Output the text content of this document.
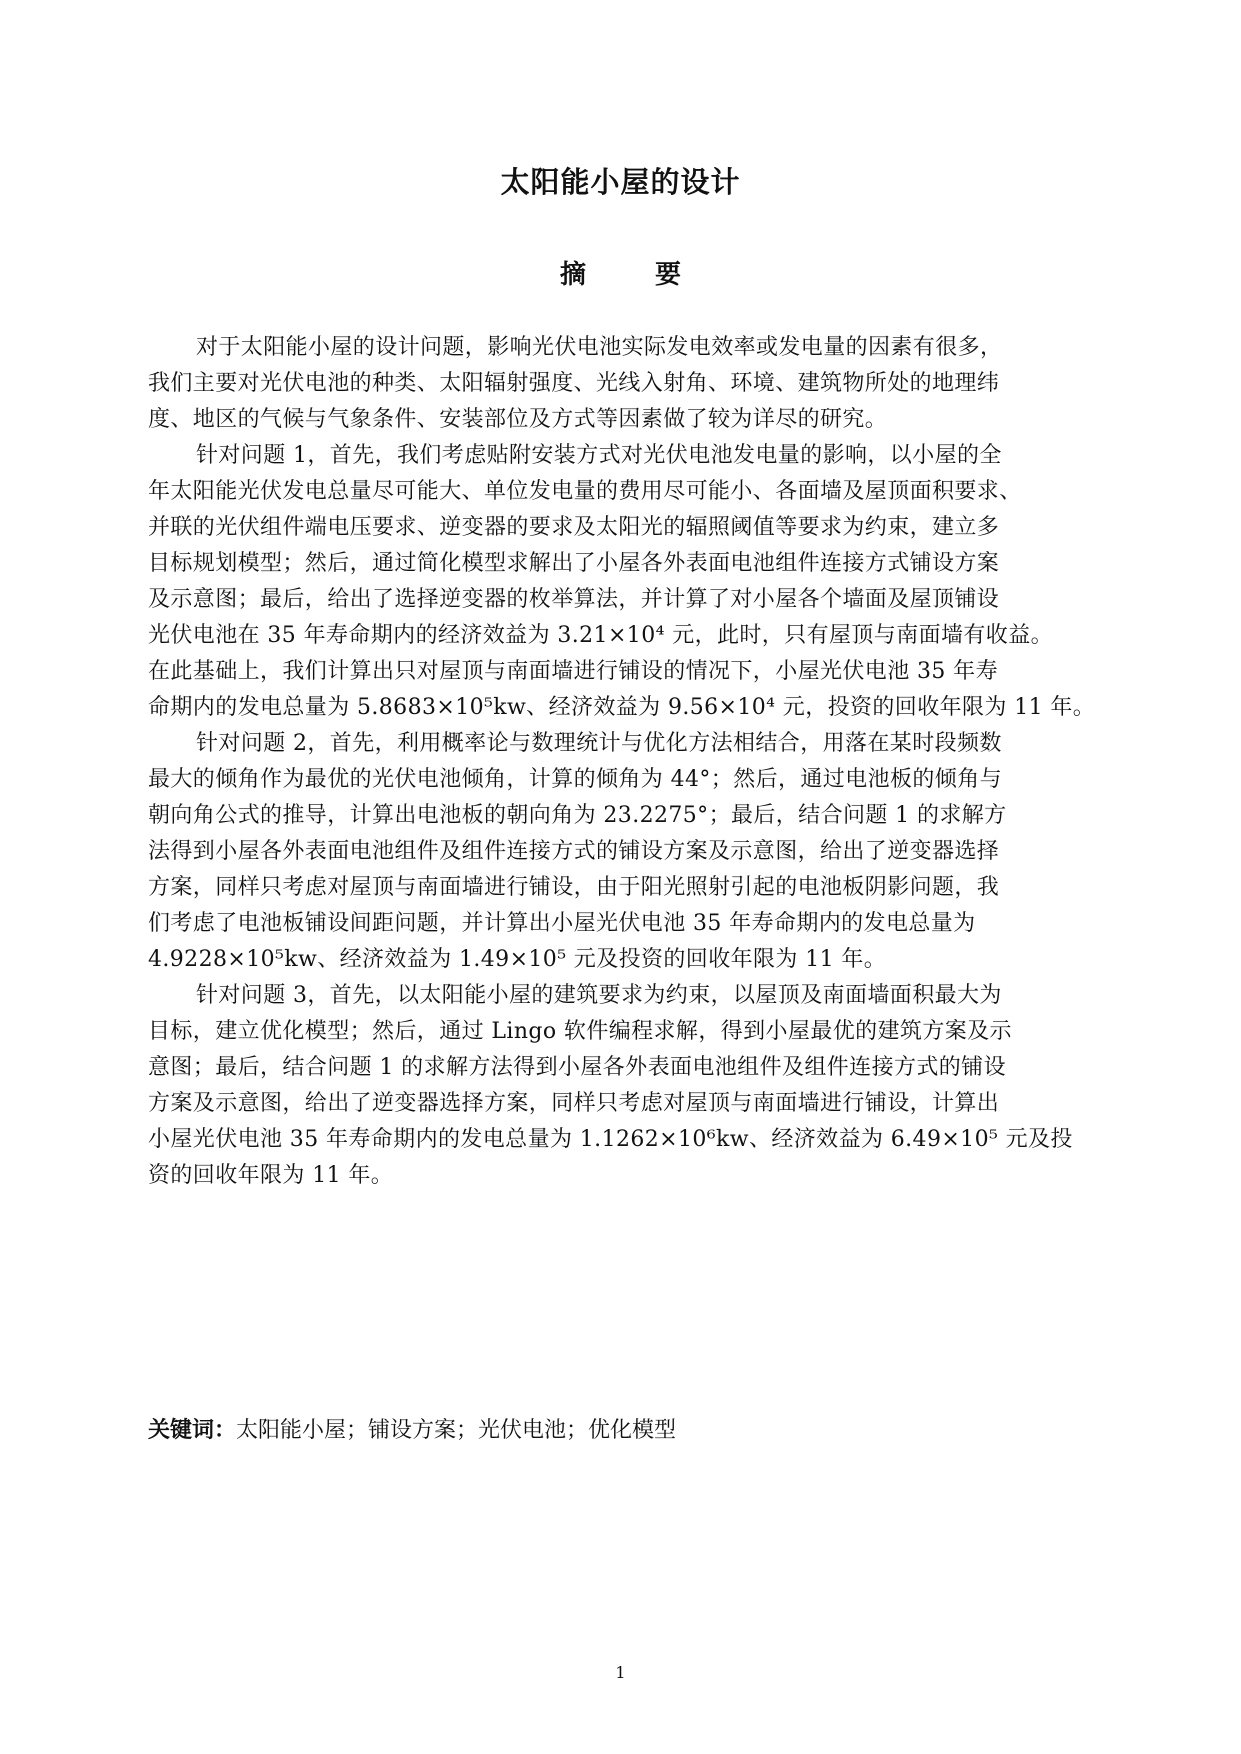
太阳能小屋的设计
摘 要

对于太阳能小屋的设计问题，影响光伏电池实际发电效率或发电量的因素有很多，
我们主要对光伏电池的种类、太阳辐射强度、光线入射角、环境、建筑物所处的地理纬
度、地区的气候与气象条件、安装部位及方式等因素做了较为详尽的研究。

针对问题 1，首先，我们考虑贴附安装方式对光伏电池发电量的影响，以小屋的全
年太阳能光伏发电总量尽可能大、单位发电量的费用尽可能小、各面墙及屋顶面积要求、
并联的光伏组件端电压要求、逆变器的要求及太阳光的辐照阈值等要求为约束，建立多
目标规划模型；然后，通过简化模型求解出了小屋各外表面电池组件连接方式铺设方案
及示意图；最后，给出了选择逆变器的枚举算法，并计算了对小屋各个墙面及屋顶铺设
光伏电池在 35 年寿命期内的经济效益为 3.21×10⁴ 元，此时，只有屋顶与南面墙有收益。
在此基础上，我们计算出只对屋顶与南面墙进行铺设的情况下，小屋光伏电池 35 年寿
命期内的发电总量为 5.8683×10⁵kw、经济效益为 9.56×10⁴ 元，投资的回收年限为 11 年。

针对问题 2，首先，利用概率论与数理统计与优化方法相结合，用落在某时段频数
最大的倾角作为最优的光伏电池倾角，计算的倾角为 44°；然后，通过电池板的倾角与
朝向角公式的推导，计算出电池板的朝向角为 23.2275°；最后，结合问题 1 的求解方
法得到小屋各外表面电池组件及组件连接方式的铺设方案及示意图，给出了逆变器选择
方案，同样只考虑对屋顶与南面墙进行铺设，由于阳光照射引起的电池板阴影问题，我
们考虑了电池板铺设间距问题，并计算出小屋光伏电池 35 年寿命期内的发电总量为
4.9228×10⁵kw、经济效益为 1.49×10⁵ 元及投资的回收年限为 11 年。

针对问题 3，首先，以太阳能小屋的建筑要求为约束，以屋顶及南面墙面积最大为
目标，建立优化模型；然后，通过 Lingo 软件编程求解，得到小屋最优的建筑方案及示
意图；最后，结合问题 1 的求解方法得到小屋各外表面电池组件及组件连接方式的铺设
方案及示意图，给出了逆变器选择方案，同样只考虑对屋顶与南面墙进行铺设，计算出
小屋光伏电池 35 年寿命期内的发电总量为 1.1262×10⁶kw、经济效益为 6.49×10⁵ 元及投
资的回收年限为 11 年。

关键词：太阳能小屋；铺设方案；光伏电池；优化模型
1
